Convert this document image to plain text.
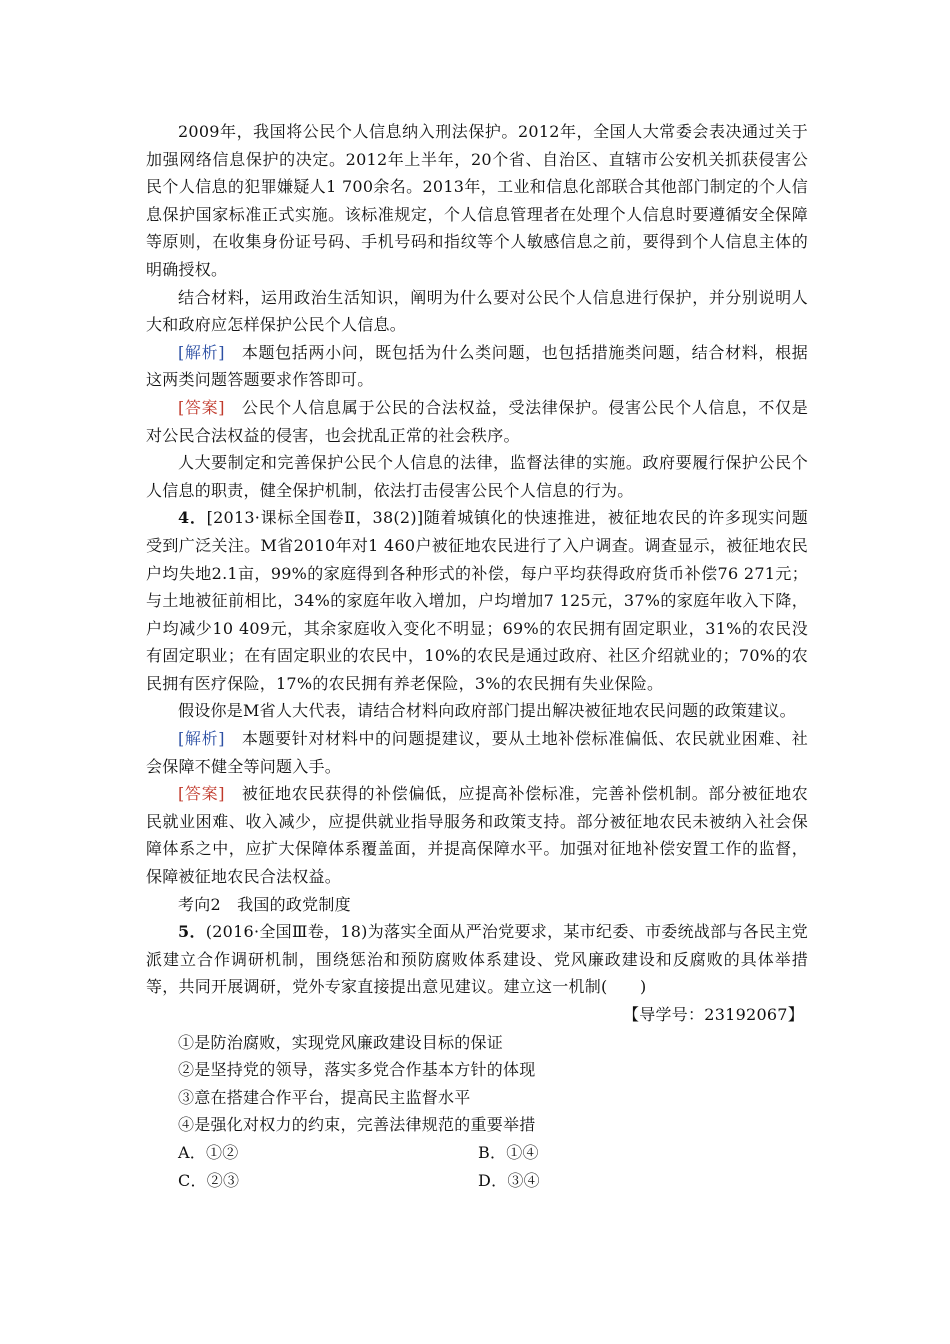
2009年，我国将公民个人信息纳入刑法保护。2012年，全国人大常委会表决通过关于加强网络信息保护的决定。2012年上半年，20个省、自治区、直辖市公安机关抓获侵害公民个人信息的犯罪嫌疑人1 700余名。2013年，工业和信息化部联合其他部门制定的个人信息保护国家标准正式实施。该标准规定，个人信息管理者在处理个人信息时要遵循安全保障等原则，在收集身份证号码、手机号码和指纹等个人敏感信息之前，要得到个人信息主体的明确授权。

结合材料，运用政治生活知识，阐明为什么要对公民个人信息进行保护，并分别说明人大和政府应怎样保护公民个人信息。

[解析]　本题包括两小问，既包括为什么类问题，也包括措施类问题，结合材料，根据这两类问题答题要求作答即可。

[答案]　公民个人信息属于公民的合法权益，受法律保护。侵害公民个人信息，不仅是对公民合法权益的侵害，也会扰乱正常的社会秩序。

人大要制定和完善保护公民个人信息的法律，监督法律的实施。政府要履行保护公民个人信息的职责，健全保护机制，依法打击侵害公民个人信息的行为。

4．[2013·课标全国卷Ⅱ，38(2)]随着城镇化的快速推进，被征地农民的许多现实问题受到广泛关注。M省2010年对1 460户被征地农民进行了入户调查。调查显示，被征地农民户均失地2.1亩，99%的家庭得到各种形式的补偿，每户平均获得政府货币补偿76 271元；与土地被征前相比，34%的家庭年收入增加，户均增加7 125元，37%的家庭年收入下降，户均减少10 409元，其余家庭收入变化不明显；69%的农民拥有固定职业，31%的农民没有固定职业；在有固定职业的农民中，10%的农民是通过政府、社区介绍就业的；70%的农民拥有医疗保险，17%的农民拥有养老保险，3%的农民拥有失业保险。

假设你是M省人大代表，请结合材料向政府部门提出解决被征地农民问题的政策建议。

[解析]　本题要针对材料中的问题提建议，要从土地补偿标准偏低、农民就业困难、社会保障不健全等问题入手。

[答案]　被征地农民获得的补偿偏低，应提高补偿标准，完善补偿机制。部分被征地农民就业困难、收入减少，应提供就业指导服务和政策支持。部分被征地农民未被纳入社会保障体系之中，应扩大保障体系覆盖面，并提高保障水平。加强对征地补偿安置工作的监督，保障被征地农民合法权益。

考向2　我国的政党制度

5．(2016·全国Ⅲ卷，18)为落实全面从严治党要求，某市纪委、市委统战部与各民主党派建立合作调研机制，围绕惩治和预防腐败体系建设、党风廉政建设和反腐败的具体举措等，共同开展调研，党外专家直接提出意见建议。建立这一机制(　　)

【导学号：23192067】

①是防治腐败，实现党风廉政建设目标的保证

②是坚持党的领导，落实多党合作基本方针的体现

③意在搭建合作平台，提高民主监督水平

④是强化对权力的约束，完善法律规范的重要举措

A．①②	B．①④
C．②③	D．③④
